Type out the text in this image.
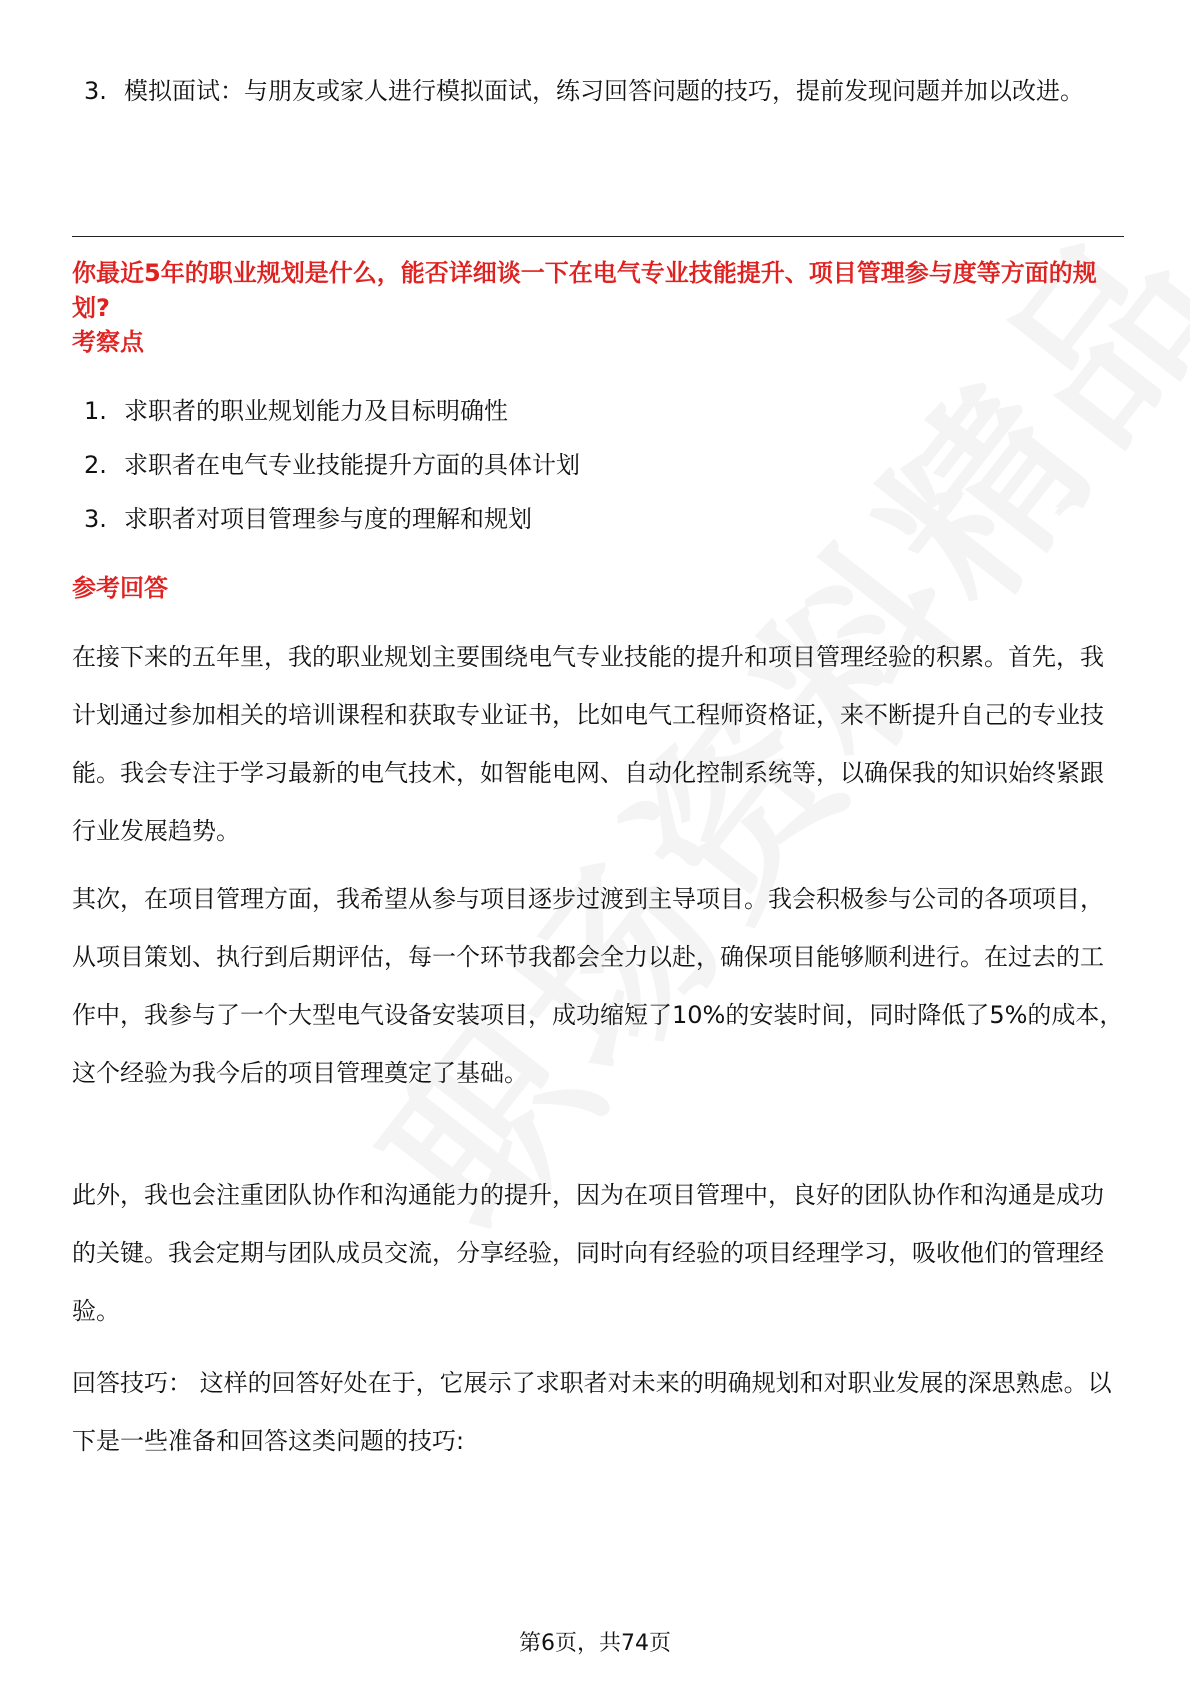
3. 模拟面试：与朋友或家人进行模拟面试，练习回答问题的技巧，提前发现问题并加以改进。
你最近5年的职业规划是什么，能否详细谈一下在电气专业技能提升、项目管理参与度等方面的规划?
考察点
1. 求职者的职业规划能力及目标明确性
2. 求职者在电气专业技能提升方面的具体计划
3. 求职者对项目管理参与度的理解和规划
参考回答
在接下来的五年里，我的职业规划主要围绕电气专业技能的提升和项目管理经验的积累。首先，我计划通过参加相关的培训课程和获取专业证书，比如电气工程师资格证，来不断提升自己的专业技能。我会专注于学习最新的电气技术，如智能电网、自动化控制系统等，以确保我的知识始终紧跟行业发展趋势。
其次，在项目管理方面，我希望从参与项目逐步过渡到主导项目。我会积极参与公司的各项项目，从项目策划、执行到后期评估，每一个环节我都会全力以赴，确保项目能够顺利进行。在过去的工作中，我参与了一个大型电气设备安装项目，成功缩短了10%的安装时间，同时降低了5%的成本，这个经验为我今后的项目管理奠定了基础。
此外，我也会注重团队协作和沟通能力的提升，因为在项目管理中，良好的团队协作和沟通是成功的关键。我会定期与团队成员交流，分享经验，同时向有经验的项目经理学习，吸收他们的管理经验。
回答技巧： 这样的回答好处在于，它展示了求职者对未来的明确规划和对职业发展的深思熟虑。以下是一些准备和回答这类问题的技巧:
第6页，共74页
